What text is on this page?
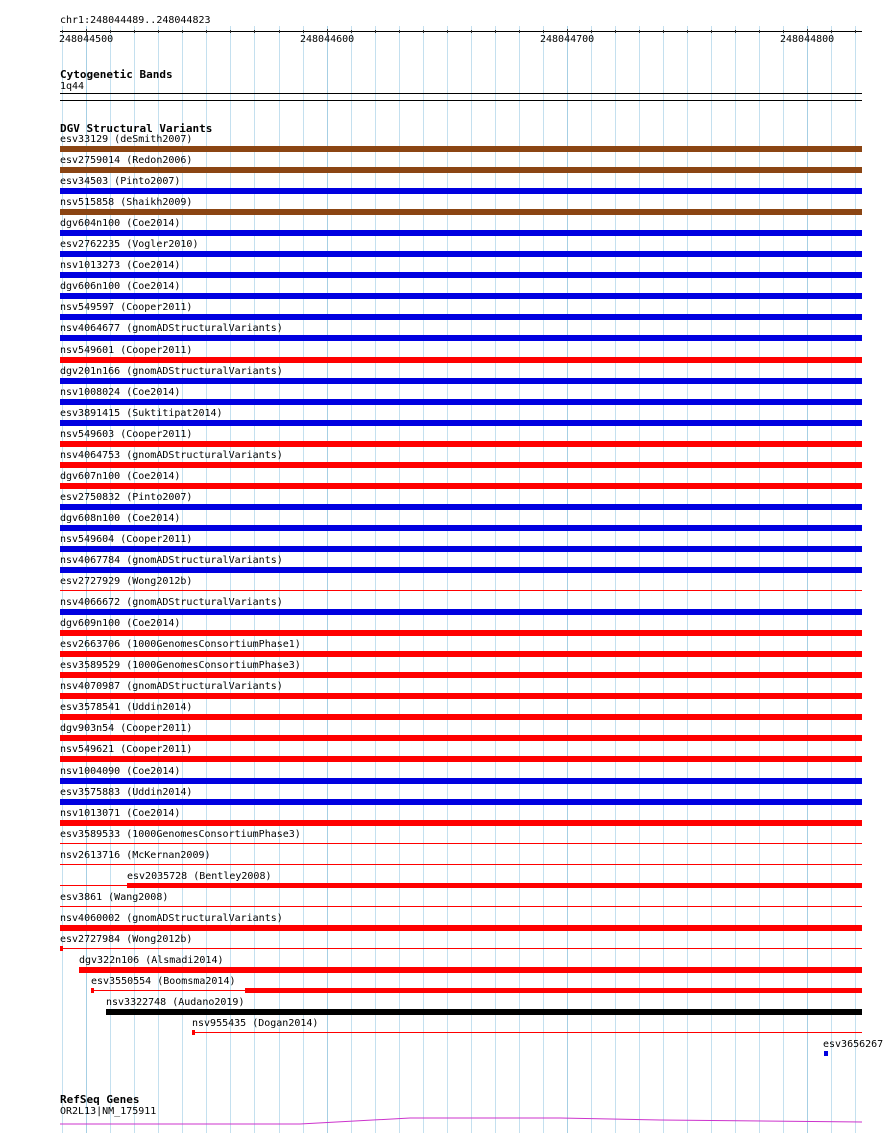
chr1:248044489..248044823
248044500	248044600	248044700	248044800
Cytogenetic Bands
1q44
DGV Structural Variants
esv33129 (deSmith2007)
esv2759014 (Redon2006)
esv34503 (Pinto2007)
nsv515858 (Shaikh2009)
dgv604n100 (Coe2014)
esv2762235 (Vogler2010)
nsv1013273 (Coe2014)
dgv606n100 (Coe2014)
nsv549597 (Cooper2011)
nsv4064677 (gnomADStructuralVariants)
nsv549601 (Cooper2011)
dgv201n166 (gnomADStructuralVariants)
nsv1008024 (Coe2014)
esv3891415 (Suktitipat2014)
nsv549603 (Cooper2011)
nsv4064753 (gnomADStructuralVariants)
dgv607n100 (Coe2014)
esv2750832 (Pinto2007)
dgv608n100 (Coe2014)
nsv549604 (Cooper2011)
nsv4067784 (gnomADStructuralVariants)
esv2727929 (Wong2012b)
nsv4066672 (gnomADStructuralVariants)
dgv609n100 (Coe2014)
esv2663706 (1000GenomesConsortiumPhase1)
esv3589529 (1000GenomesConsortiumPhase3)
nsv4070987 (gnomADStructuralVariants)
esv3578541 (Uddin2014)
dgv903n54 (Cooper2011)
nsv549621 (Cooper2011)
nsv1004090 (Coe2014)
esv3575883 (Uddin2014)
nsv1013071 (Coe2014)
esv3589533 (1000GenomesConsortiumPhase3)
nsv2613716 (McKernan2009)
esv2035728 (Bentley2008)
esv3861 (Wang2008)
nsv4060002 (gnomADStructuralVariants)
esv2727984 (Wong2012b)
dgv322n106 (Alsmadi2014)
esv3550554 (Boomsma2014)
nsv3322748 (Audano2019)
nsv955435 (Dogan2014)
esv3656267
RefSeq Genes
OR2L13|NM_175911
